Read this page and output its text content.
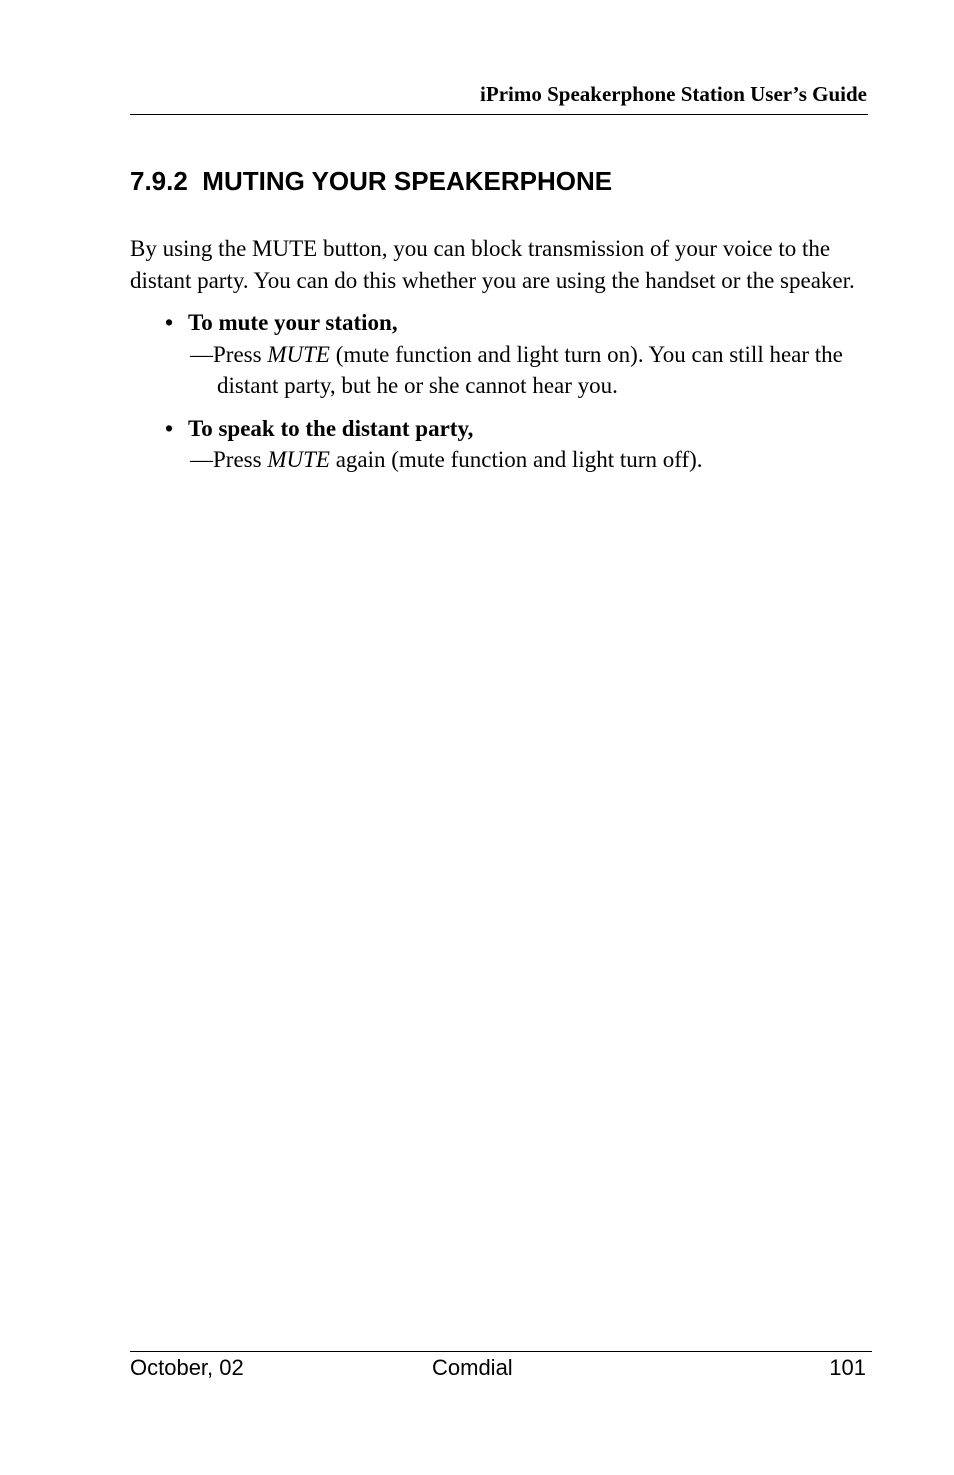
iPrimo Speakerphone Station User’s Guide
7.9.2 MUTING YOUR SPEAKERPHONE

By using the MUTE button, you can block transmission of your voice to the distant party. You can do this whether you are using the handset or the speaker.

• To mute your station,

—Press MUTE (mute function and light turn on). You can still hear the distant party, but he or she cannot hear you.

• To speak to the distant party,

—Press MUTE again (mute function and light turn off).

October, 02	Comdial	101
